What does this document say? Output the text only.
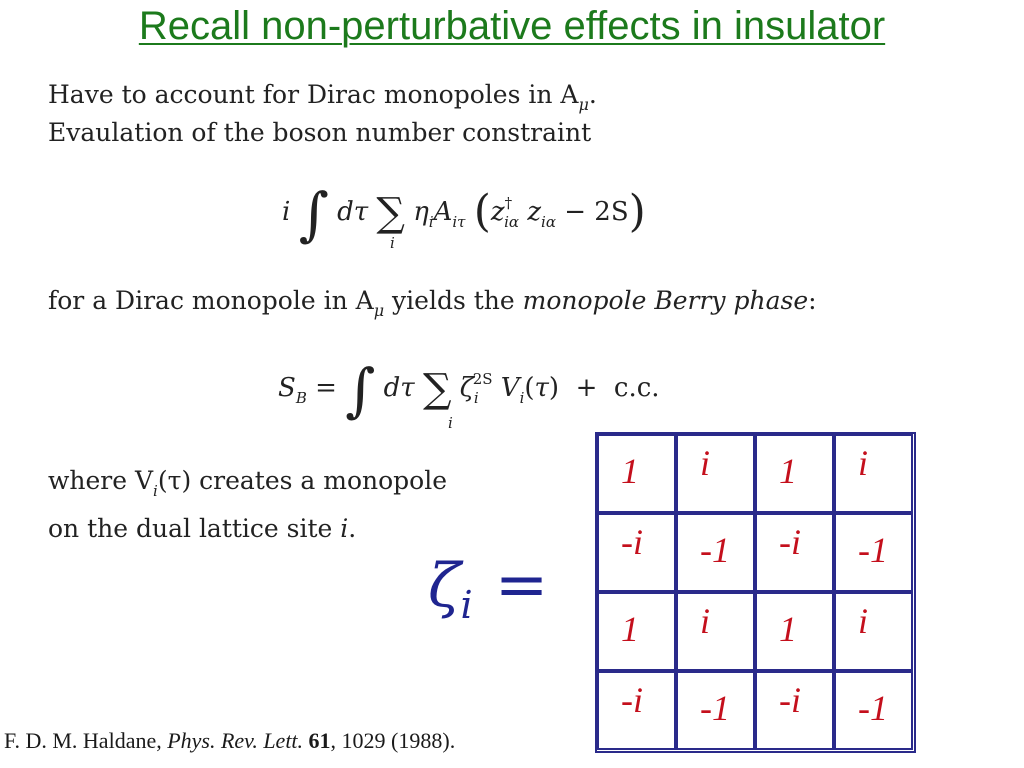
Recall non-perturbative effects in insulator
Have to account for Dirac monopoles in $A_\mu$.
Evaulation of the boson number constraint
i ∫ dτ ∑ $\eta_iA_{i\tau}$ ($z^\dagger_{i\alpha}$ $z_{i\alpha} - 2S$)
i
for a Dirac monopole in $A_\mu$ yields the monopole Berry phase:
$S_B$ = ∫ dτ ∑ $\zeta_i^{2S}$ $V_i(\tau) + c.c$.
i
where $V_i(\tau)$ creates a monopole
on the dual lattice site i.
$\zeta_i$ =
1 i 1 i
-i -1 -i -1
1 i 1 i
-i -1 -i -1
F. D. M. Haldane, Phys. Rev. Lett. 61, 1029 (1988).
